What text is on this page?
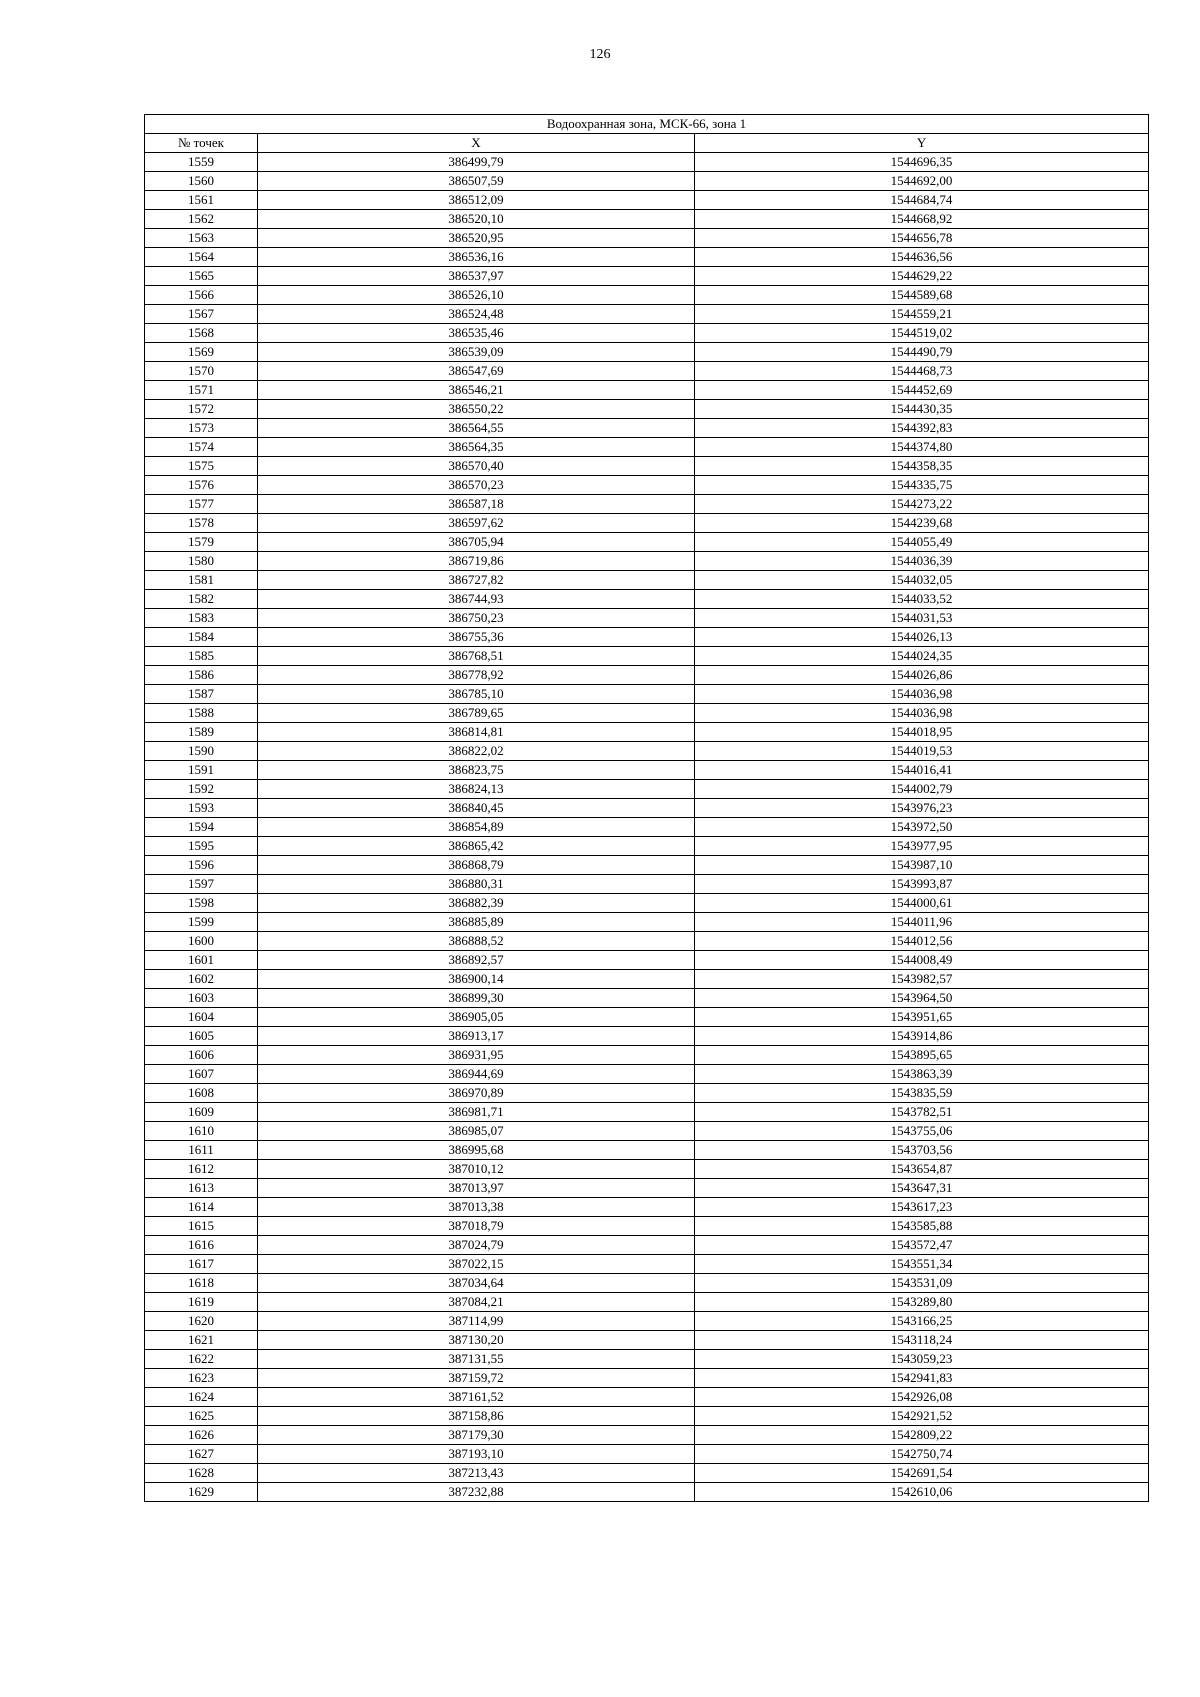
126
Водоохранная зона, МСК-66, зона 1		
№ точек	X	Y
1559	386499,79	1544696,35
1560	386507,59	1544692,00
1561	386512,09	1544684,74
1562	386520,10	1544668,92
1563	386520,95	1544656,78
1564	386536,16	1544636,56
1565	386537,97	1544629,22
1566	386526,10	1544589,68
1567	386524,48	1544559,21
1568	386535,46	1544519,02
1569	386539,09	1544490,79
1570	386547,69	1544468,73
1571	386546,21	1544452,69
1572	386550,22	1544430,35
1573	386564,55	1544392,83
1574	386564,35	1544374,80
1575	386570,40	1544358,35
1576	386570,23	1544335,75
1577	386587,18	1544273,22
1578	386597,62	1544239,68
1579	386705,94	1544055,49
1580	386719,86	1544036,39
1581	386727,82	1544032,05
1582	386744,93	1544033,52
1583	386750,23	1544031,53
1584	386755,36	1544026,13
1585	386768,51	1544024,35
1586	386778,92	1544026,86
1587	386785,10	1544036,98
1588	386789,65	1544036,98
1589	386814,81	1544018,95
1590	386822,02	1544019,53
1591	386823,75	1544016,41
1592	386824,13	1544002,79
1593	386840,45	1543976,23
1594	386854,89	1543972,50
1595	386865,42	1543977,95
1596	386868,79	1543987,10
1597	386880,31	1543993,87
1598	386882,39	1544000,61
1599	386885,89	1544011,96
1600	386888,52	1544012,56
1601	386892,57	1544008,49
1602	386900,14	1543982,57
1603	386899,30	1543964,50
1604	386905,05	1543951,65
1605	386913,17	1543914,86
1606	386931,95	1543895,65
1607	386944,69	1543863,39
1608	386970,89	1543835,59
1609	386981,71	1543782,51
1610	386985,07	1543755,06
1611	386995,68	1543703,56
1612	387010,12	1543654,87
1613	387013,97	1543647,31
1614	387013,38	1543617,23
1615	387018,79	1543585,88
1616	387024,79	1543572,47
1617	387022,15	1543551,34
1618	387034,64	1543531,09
1619	387084,21	1543289,80
1620	387114,99	1543166,25
1621	387130,20	1543118,24
1622	387131,55	1543059,23
1623	387159,72	1542941,83
1624	387161,52	1542926,08
1625	387158,86	1542921,52
1626	387179,30	1542809,22
1627	387193,10	1542750,74
1628	387213,43	1542691,54
1629	387232,88	1542610,06
